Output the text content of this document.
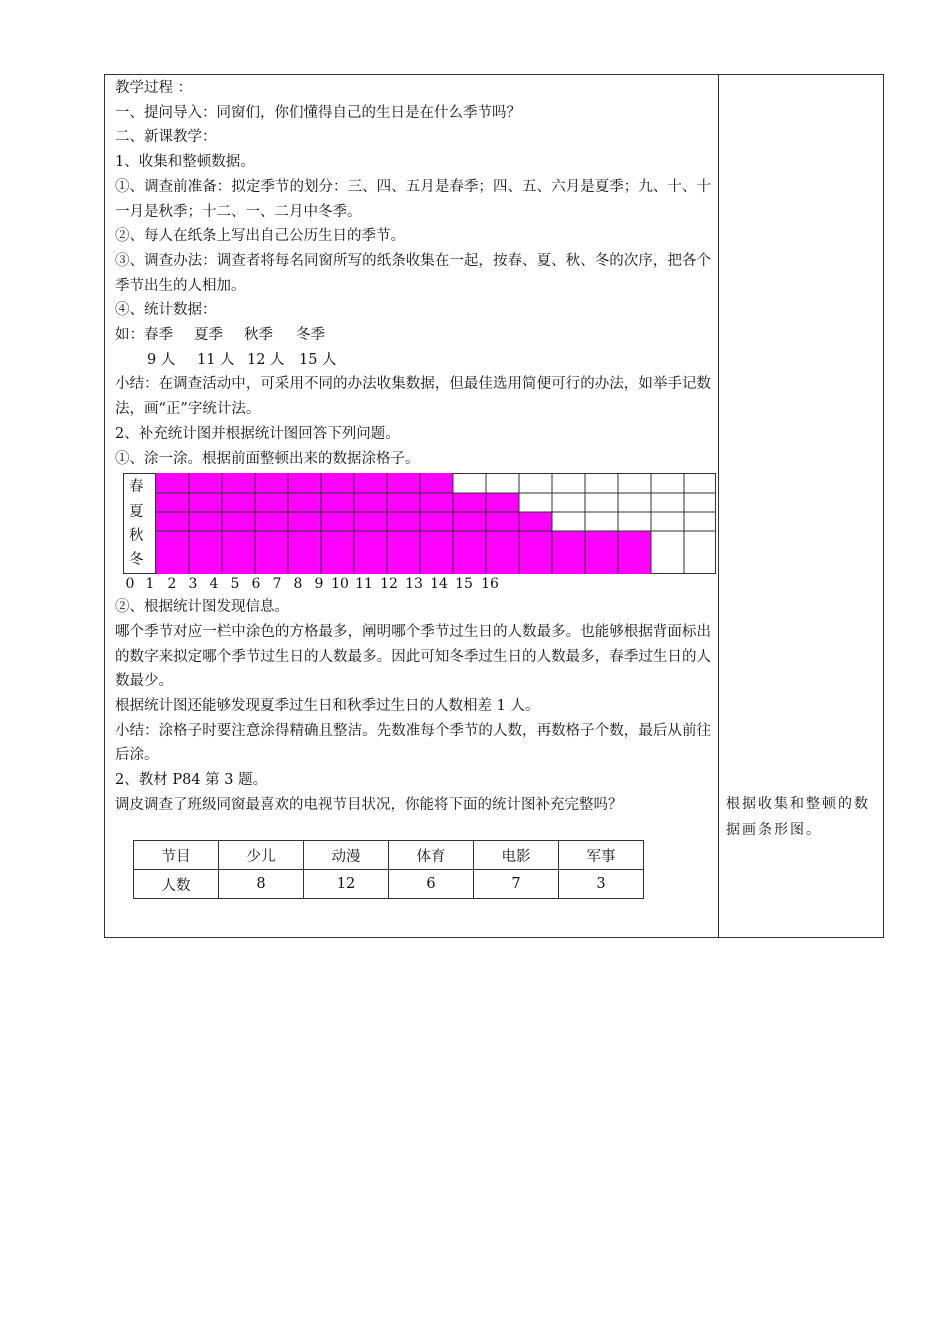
教学过程 ：

一、提问导入：同窗们，你们懂得自己的生日是在什么季节吗？

二、新课教学：

1、收集和整顿数据。

①、调查前准备：拟定季节的划分：三、四、五月是春季；四、五、六月是夏季；九、十、十一月是秋季；十二、一、二月中冬季。

②、每人在纸条上写出自己公历生日的季节。

③、调查办法：调查者将每名同窗所写的纸条收集在一起，按春、夏、秋、冬的次序，把各个季节出生的人相加。

④、统计数据：

如：春季 夏季 秋季 冬季

9 人 11 人 12 人 15 人

小结：在调查活动中，可采用不同的办法收集数据，但最佳选用简便可行的办法，如举手记数法，画“正”字统计法。

2、补充统计图并根据统计图回答下列问题。

①、涂一涂。根据前面整顿出来的数据涂格子。

②、根据统计图发现信息。

哪个季节对应一栏中涂色的方格最多，阐明哪个季节过生日的人数最多。也能够根据背面标出的数字来拟定哪个季节过生日的人数最多。因此可知冬季过生日的人数最多，春季过生日的人数最少。

根据统计图还能够发现夏季过生日和秋季过生日的人数相差 1 人。

小结：涂格子时要注意涂得精确且整洁。先数准每个季节的人数，再数格子个数，最后从前往后涂。

2、教材 P84 第 3 题。

调皮调查了班级同窗最喜欢的电视节目状况，你能将下面的统计图补充完整吗？

春
夏
秋
冬
0 1 2 3 4 5 6 7 8 9 10 11 12 13 14 15 16
节目	少儿	动漫	体育	电影	军事
人数	8	12	6	7	3
根据收集和整顿的数据画条形图。
